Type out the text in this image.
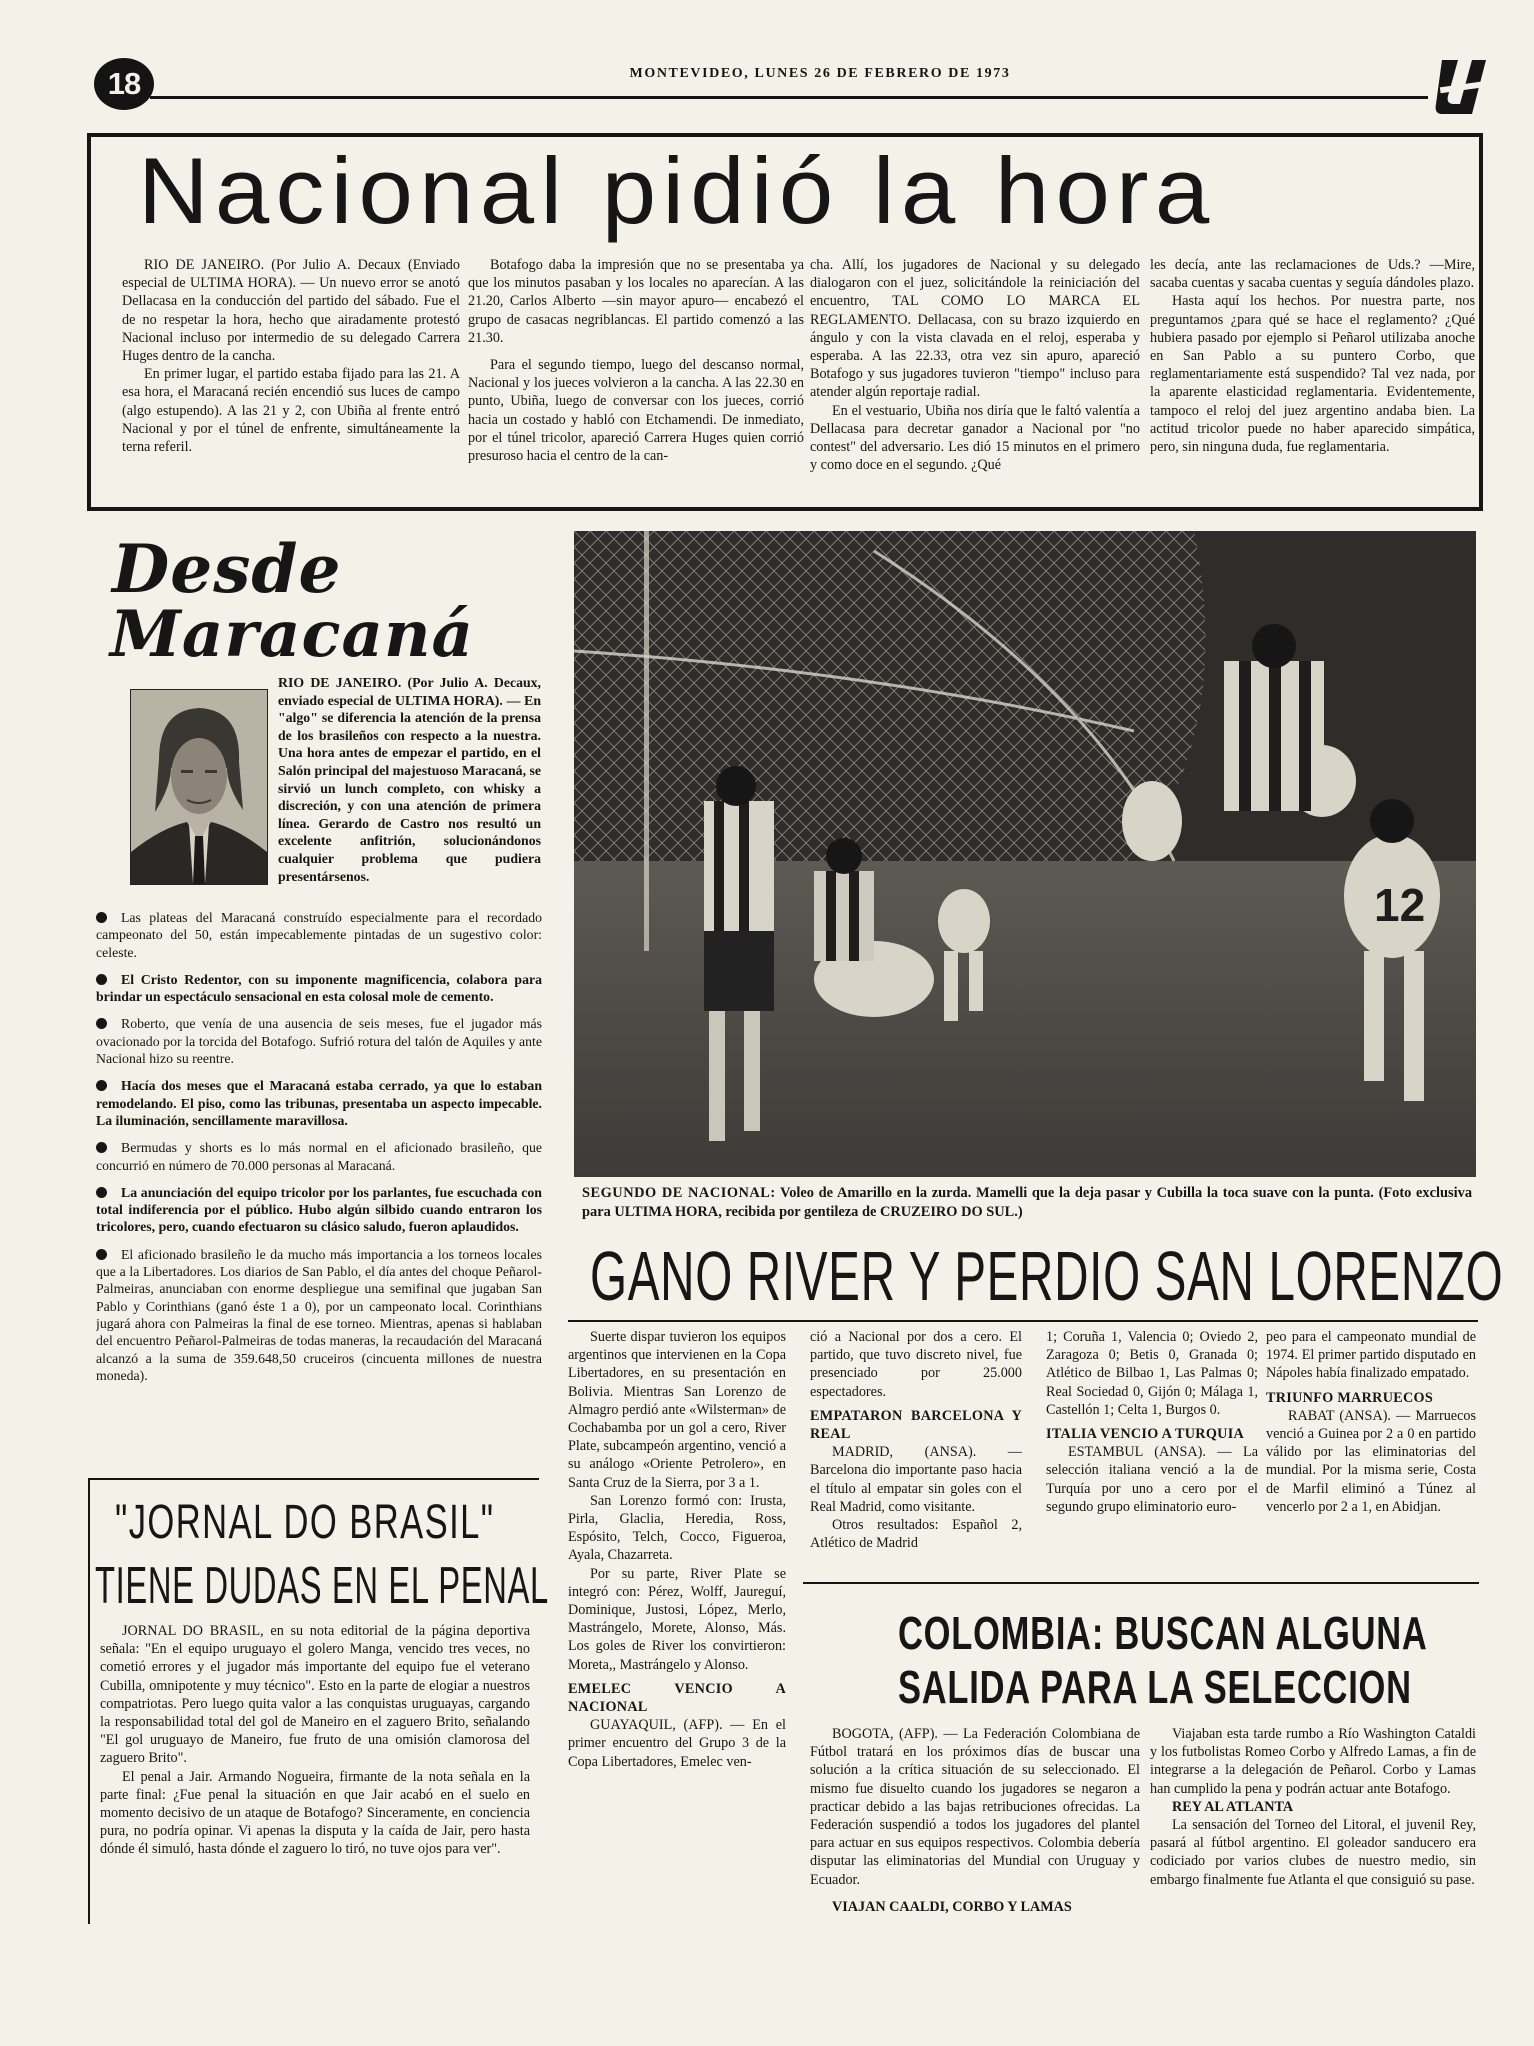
18	MONTEVIDEO, LUNES 26 DE FEBRERO DE 1973
Nacional pidió la hora

RIO DE JANEIRO. (Por Julio A. Decaux (Enviado especial de ULTIMA HORA). — Un nuevo error se anotó Dellacasa en la conducción del partido del sábado. Fue el de no respetar la hora, hecho que airadamente protestó Nacional incluso por intermedio de su delegado Carrera Huges dentro de la cancha.

En primer lugar, el partido estaba fijado para las 21. A esa hora, el Maracaná recién encendió sus luces de campo (algo estupendo). A las 21 y 2, con Ubiña al frente entró Nacional y por el túnel de enfrente, simultáneamente la terna referil.

Botafogo daba la impresión que no se presentaba ya que los minutos pasaban y los locales no aparecían. A las 21.20, Carlos Alberto —sin mayor apuro— encabezó el grupo de casacas negriblancas. El partido comenzó a las 21.30.

Para el segundo tiempo, luego del descanso normal, Nacional y los jueces volvieron a la cancha. A las 22.30 en punto, Ubiña, luego de conversar con los jueces, corrió hacia un costado y habló con Etchamendi. De inmediato, por el túnel tricolor, apareció Carrera Huges quien corrió presuroso hacia el centro de la can-

cha. Allí, los jugadores de Nacional y su delegado dialogaron con el juez, solicitándole la reiniciación del encuentro, TAL COMO LO MARCA EL REGLAMENTO. Dellacasa, con su brazo izquierdo en ángulo y con la vista clavada en el reloj, esperaba y esperaba. A las 22.33, otra vez sin apuro, apareció Botafogo y sus jugadores tuvieron "tiempo" incluso para atender algún reportaje radial.

En el vestuario, Ubiña nos diría que le faltó valentía a Dellacasa para decretar ganador a Nacional por "no contest" del adversario. Les dió 15 minutos en el primero y como doce en el segundo. ¿Qué

les decía, ante las reclamaciones de Uds.? —Mire, sacaba cuentas y sacaba cuentas y seguía dándoles plazo.

Hasta aquí los hechos. Por nuestra parte, nos preguntamos ¿para qué se hace el reglamento? ¿Qué hubiera pasado por ejemplo si Peñarol utilizaba anoche en San Pablo a su puntero Corbo, que reglamentariamente está suspendido? Tal vez nada, por la aparente elasticidad reglamentaria. Evidentemente, tampoco el reloj del juez argentino andaba bien. La actitud tricolor puede no haber aparecido simpática, pero, sin ninguna duda, fue reglamentaria.

Desde
Maracaná
RIO DE JANEIRO. (Por Julio A. Decaux, enviado especial de ULTIMA HORA). — En "algo" se diferencia la atención de la prensa de los brasileños con respecto a la nuestra. Una hora antes de empezar el partido, en el Salón principal del majestuoso Maracaná, se sirvió un lunch completo, con whisky a discreción, y con una atención de primera línea. Gerardo de Castro nos resultó un excelente anfitrión, solucionándonos cualquier problema que pudiera presentársenos.
Las plateas del Maracaná construído especialmente para el recordado campeonato del 50, están impecablemente pintadas de un sugestivo color: celeste.
El Cristo Redentor, con su imponente magnificencia, colabora para brindar un espectáculo sensacional en esta colosal mole de cemento.
Roberto, que venía de una ausencia de seis meses, fue el jugador más ovacionado por la torcida del Botafogo. Sufrió rotura del talón de Aquiles y ante Nacional hizo su reentre.
Hacía dos meses que el Maracaná estaba cerrado, ya que lo estaban remodelando. El piso, como las tribunas, presentaba un aspecto impecable. La iluminación, sencillamente maravillosa.
Bermudas y shorts es lo más normal en el aficionado brasileño, que concurrió en número de 70.000 personas al Maracaná.
La anunciación del equipo tricolor por los parlantes, fue escuchada con total indiferencia por el público. Hubo algún silbido cuando entraron los tricolores, pero, cuando efectuaron su clásico saludo, fueron aplaudidos.
El aficionado brasileño le da mucho más importancia a los torneos locales que a la Libertadores. Los diarios de San Pablo, el día antes del choque Peñarol-Palmeiras, anunciaban con enorme despliegue una semifinal que jugaban San Pablo y Corinthians (ganó éste 1 a 0), por un campeonato local. Corinthians jugará ahora con Palmeiras la final de ese torneo. Mientras, apenas si hablaban del encuentro Peñarol-Palmeiras de todas maneras, la recaudación del Maracaná alcanzó a la suma de 359.648,50 cruceiros (cincuenta millones de nuestra moneda).
12
SEGUNDO DE NACIONAL: Voleo de Amarillo en la zurda. Mamelli que la deja pasar y Cubilla la toca suave con la punta. (Foto exclusiva para ULTIMA HORA, recibida por gentileza de CRUZEIRO DO SUL.)
GANO RIVER Y PERDIO SAN LORENZO

Suerte dispar tuvieron los equipos argentinos que intervienen en la Copa Libertadores, en su presentación en Bolivia. Mientras San Lorenzo de Almagro perdió ante «Wilsterman» de Cochabamba por un gol a cero, River Plate, subcampeón argentino, venció a su análogo «Oriente Petrolero», en Santa Cruz de la Sierra, por 3 a 1.

San Lorenzo formó con: Irusta, Pirla, Glaclia, Heredia, Ross, Espósito, Telch, Cocco, Figueroa, Ayala, Chazarreta.

Por su parte, River Plate se integró con: Pérez, Wolff, Jaureguí, Dominique, Justosi, López, Merlo, Mastrángelo, Morete, Alonso, Más. Los goles de River los convirtieron: Moreta,, Mastrángelo y Alonso.

EMELEC VENCIO A NACIONAL

GUAYAQUIL, (AFP). — En el primer encuentro del Grupo 3 de la Copa Libertadores, Emelec ven-

ció a Nacional por dos a cero. El partido, que tuvo discreto nivel, fue presenciado por 25.000 espectadores.

EMPATARON BARCELONA Y REAL

MADRID, (ANSA). — Barcelona dio importante paso hacia el título al empatar sin goles con el Real Madrid, como visitante.

Otros resultados: Español 2, Atlético de Madrid

1; Coruña 1, Valencia 0; Oviedo 2, Zaragoza 0; Betis 0, Granada 0; Atlético de Bilbao 1, Las Palmas 0; Real Sociedad 0, Gijón 0; Málaga 1, Castellón 1; Celta 1, Burgos 0.

ITALIA VENCIO A TURQUIA

ESTAMBUL (ANSA). — La selección italiana venció a la de Turquía por uno a cero por el segundo grupo eliminatorio euro-

peo para el campeonato mundial de 1974. El primer partido disputado en Nápoles había finalizado empatado.

TRIUNFO MARRUECOS

RABAT (ANSA). — Marruecos venció a Guinea por 2 a 0 en partido válido por las eliminatorias del mundial. Por la misma serie, Costa de Marfil eliminó a Túnez al vencerlo por 2 a 1, en Abidjan.

"JORNAL DO BRASIL"
TIENE DUDAS EN EL PENAL

JORNAL DO BRASIL, en su nota editorial de la página deportiva señala: "En el equipo uruguayo el golero Manga, vencido tres veces, no cometió errores y el jugador más importante del equipo fue el veterano Cubilla, omnipotente y muy técnico". Esto en la parte de elogiar a nuestros compatriotas. Pero luego quita valor a las conquistas uruguayas, cargando la responsabilidad total del gol de Maneiro en el zaguero Brito, señalando "El gol uruguayo de Maneiro, fue fruto de una omisión clamorosa del zaguero Brito".

El penal a Jair. Armando Nogueira, firmante de la nota señala en la parte final: ¿Fue penal la situación en que Jair acabó en el suelo en momento decisivo de un ataque de Botafogo? Sinceramente, en conciencia pura, no podría opinar. Vi apenas la disputa y la caída de Jair, pero hasta dónde él simuló, hasta dónde el zaguero lo tiró, no tuve ojos para ver".

COLOMBIA: BUSCAN ALGUNA
SALIDA PARA LA SELECCION

BOGOTA, (AFP). — La Federación Colombiana de Fútbol tratará en los próximos días de buscar una solución a la crítica situación de su seleccionado. El mismo fue disuelto cuando los jugadores se negaron a practicar debido a las bajas retribuciones ofrecidas. La Federación suspendió a todos los jugadores del plantel para actuar en sus equipos respectivos. Colombia debería disputar las eliminatorias del Mundial con Uruguay y Ecuador.

VIAJAN CAALDI, CORBO Y LAMAS

Viajaban esta tarde rumbo a Río Washington Cataldi y los futbolistas Romeo Corbo y Alfredo Lamas, a fin de integrarse a la delegación de Peñarol. Corbo y Lamas han cumplido la pena y podrán actuar ante Botafogo.

REY AL ATLANTA

La sensación del Torneo del Litoral, el juvenil Rey, pasará al fútbol argentino. El goleador sanducero era codiciado por varios clubes de nuestro medio, sin embargo finalmente fue Atlanta el que consiguió su pase.
